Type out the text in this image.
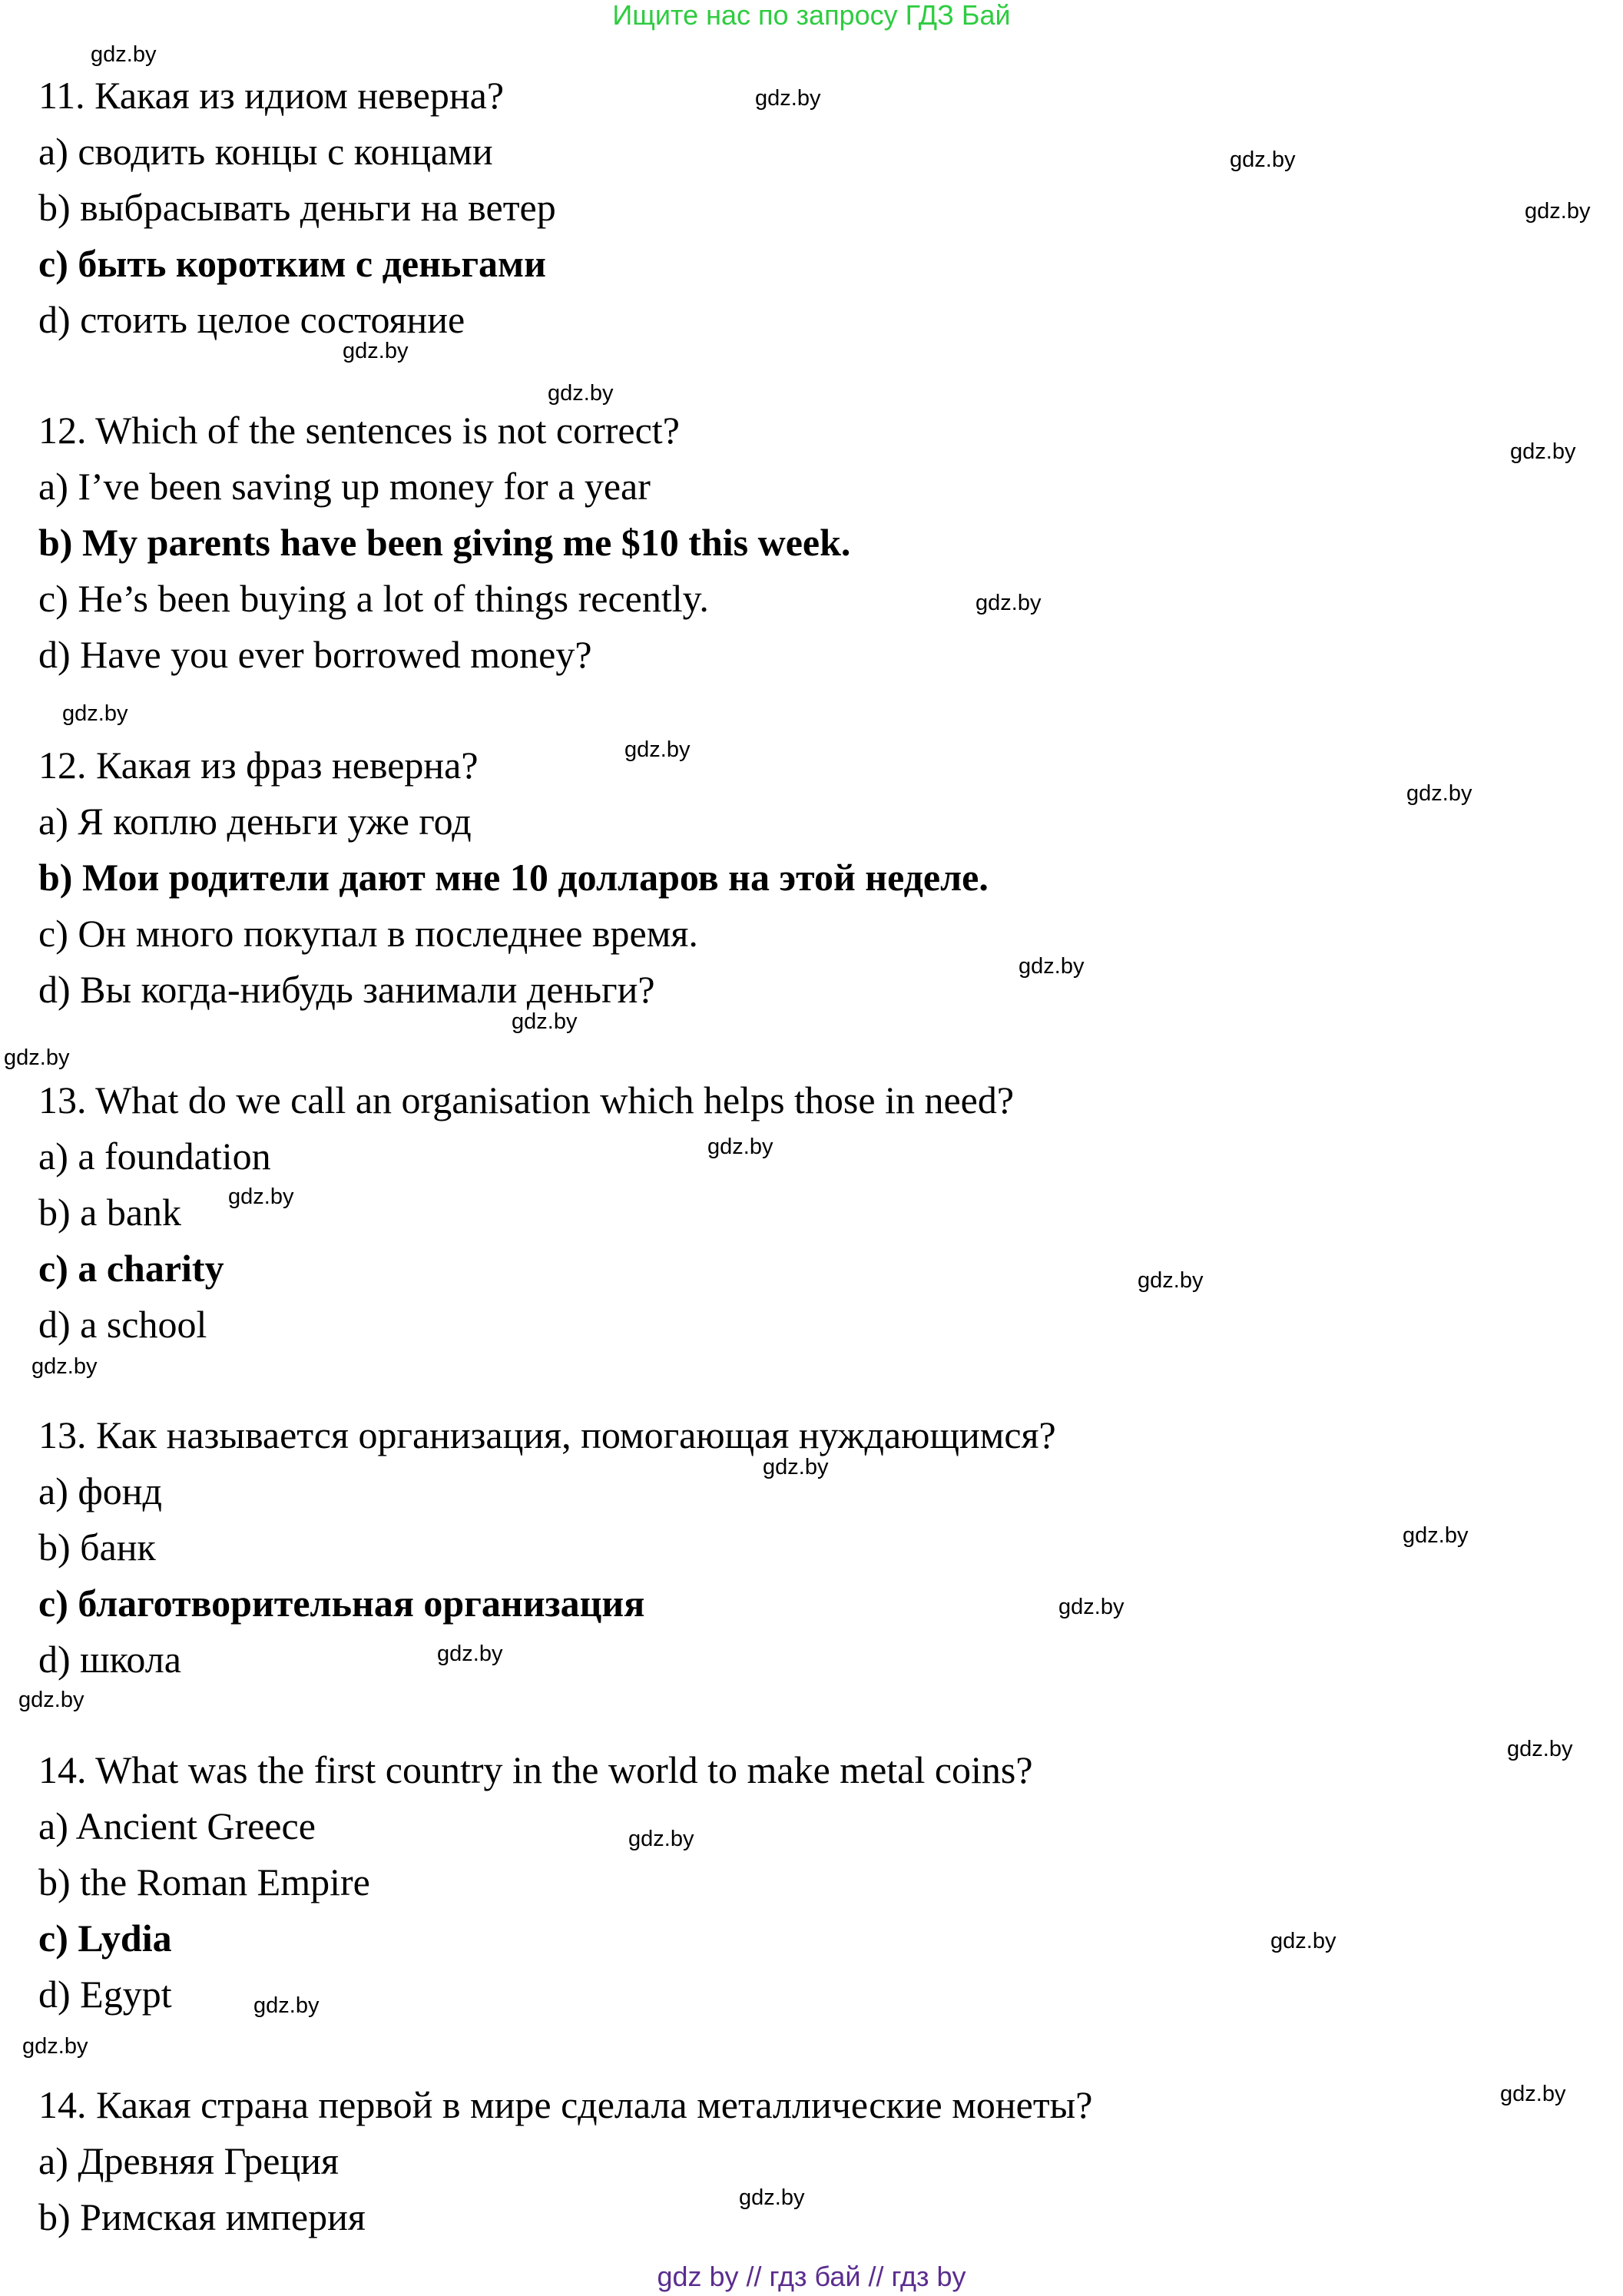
Ищите нас по запросу ГДЗ Бай
11. Какая из идиом неверна?
a) сводить концы с концами
b) выбрасывать деньги на ветер
c) быть коротким с деньгами
d) стоить целое состояние
12. Which of the sentences is not correct?
a) I’ve been saving up money for a year
b) My parents have been giving me $10 this week.
c) He’s been buying a lot of things recently.
d) Have you ever borrowed money?
12. Какая из фраз неверна?
a) Я коплю деньги уже год
b) Мои родители дают мне 10 долларов на этой неделе.
c) Он много покупал в последнее время.
d) Вы когда-нибудь занимали деньги?
13. What do we call an organisation which helps those in need?
a) a foundation
b) a bank
c) a charity
d) a school
13. Как называется организация, помогающая нуждающимся?
a) фонд
b) банк
c) благотворительная организация
d) школа
14. What was the first country in the world to make metal coins?
a) Ancient Greece
b) the Roman Empire
c) Lydia
d) Egypt
14. Какая страна первой в мире сделала металлические монеты?
a) Древняя Греция
b) Римская империя
gdz.by
gdz.by
gdz.by
gdz.by
gdz.by
gdz.by
gdz.by
gdz.by
gdz.by
gdz.by
gdz.by
gdz.by
gdz.by
gdz.by
gdz.by
gdz.by
gdz.by
gdz.by
gdz.by
gdz.by
gdz.by
gdz.by
gdz.by
gdz.by
gdz.by
gdz.by
gdz.by
gdz.by
gdz.by
gdz.by
gdz by // гдз бай // гдз by
